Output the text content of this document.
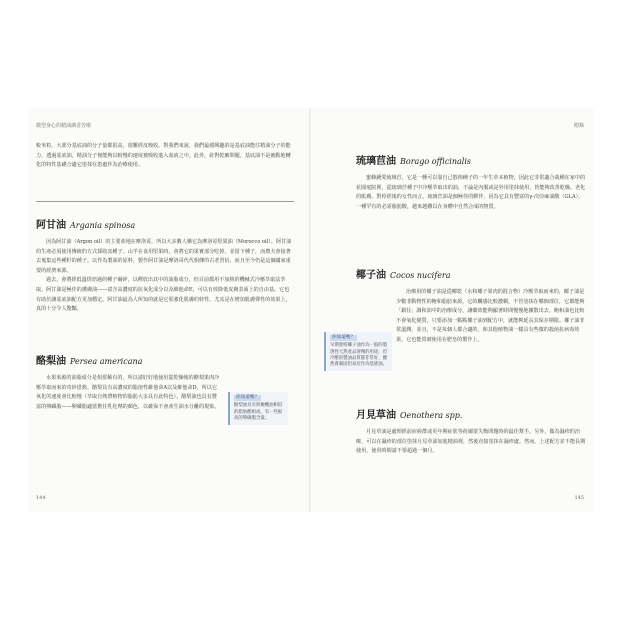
微型身心的精油調香芳療

較米粒，大部分基底油的分子量都很高，很難經皮吸收。對我們來說，我們最感興趣的是基底油能往精油分子的能力，透過基底油，精油分子便能夠以較慢的速度被吸收進入血液之中。此外，針對乾癬問題，基底油不是被動地轉化的特性基礎合適它塗抹在患處作為治療使用。

阿甘油 Argania spinosa

因為阿甘油（Argon oil）的主要產地在摩洛哥，所以大多數人稱它為摩洛哥堅果油（Morocco oil）。阿甘油的生產必須使用傳統的方式採收其種子。山羊在食用堅果時，會將它的果實部分吃掉，並留下種子，而農夫會接著去蒐集這些種籽的種子。以作為製油的原料，製作阿甘油是摩洛哥代代相傳的古老習俗，而且至今仍是這個國家重要的經濟來源。

過去，會將經低溫烘焙過的種子碾碎，以釋放出其中的油脂成分，但目前都用不加熱的機械式冷壓萃取法萃取。阿甘油是極佳的護膚油——富含高濃度的抗氧化成分以及維他命E，可以有效降低皮膚表面上的自由基。它也有助於讓基底油配方更加穩定。阿甘油最為人所知的就是它那強化肌膚的特性，尤其是在增加肌膚彈性的效果上，真的十分令人驚豔。

酪梨油 Persea americana

水果來源的油脂成分是相當稀有的，所以請好好地使用從乾燥後的酪梨果肉冷壓萃取而來的奇妙恩典。酪梨具有高濃度的脂溶性維他命A以及維他命D，所以它氧化的速度會比較慢（萃取自熟帶植物的脂肪大多具有此特色）。酪梨油也具有豐富的卵磷脂——卵磷脂適當擔任乳化劑的顏色，以確保不會產生油水分離的現象。

你知道嗎？
酪梨油具有與橄欖油相似的脂肪酸組成，有一些較高的卵磷脂含量。
144
附錄
琉璃苣油 Borago officinalis

蜜蜂鍾愛琉璃苣，它是一種可以靠自己散佈種子的一年生草本植物，因此它非常適合栽種在家中的花園庭院裡，從琉璃苣種子中冷壓萃取出的油，不論是內服或是外用塗抹使用，皆能夠改善乾燥、老化的肌膚。對停經後的女性而言，琉璃苣油是個極佳的夥伴，因為它具有豐富的γ-次亞麻油酸（GLA），一種罕有的必需脂肪酸，越來越難以在身體中自然合成的物質。

椰子油 Cocos nucifera
你知道嗎？
早期會將椰子油作為一般的脂溶性天然產品溶劑的用途，但冷壓的製油品質都非常好，雖然會凝固但易於作為基底油。

治療用的椰子油是從椰乾（水和椰子果肉的混合物）冷壓萃取而來的，椰子油是少數非動物性的飽和脂肪來源，它的觸感比較濃稠，不管塗抹在哪個部位，它都能夠「鎖住」調和油中的治療成分，讓藥效能夠顯著時間慢慢地擴散出去。飽和油也比較不會氧化變質，只要添加一點點椰子油到配方中，就能夠延長其保存期限。椰子油非常溫潤，並且，不是每個人都合適的，和其他植物油一樣具有些微的殺菌抗病毒效果，它也能常被使用在肥皂的製作上。

月見草油 Oenothera spp.

月見草油是處理經前症候群或更年期症狀等荷爾蒙失衡問題時的最佳幫手。另外，做為濕疹的治療，可以在濕疹的部位塗抹月見草油加進精油裡，然後直接塗抹在濕疹處。然而，上述配方並不能長期使用，使用時間請不要超過一個月。

145
